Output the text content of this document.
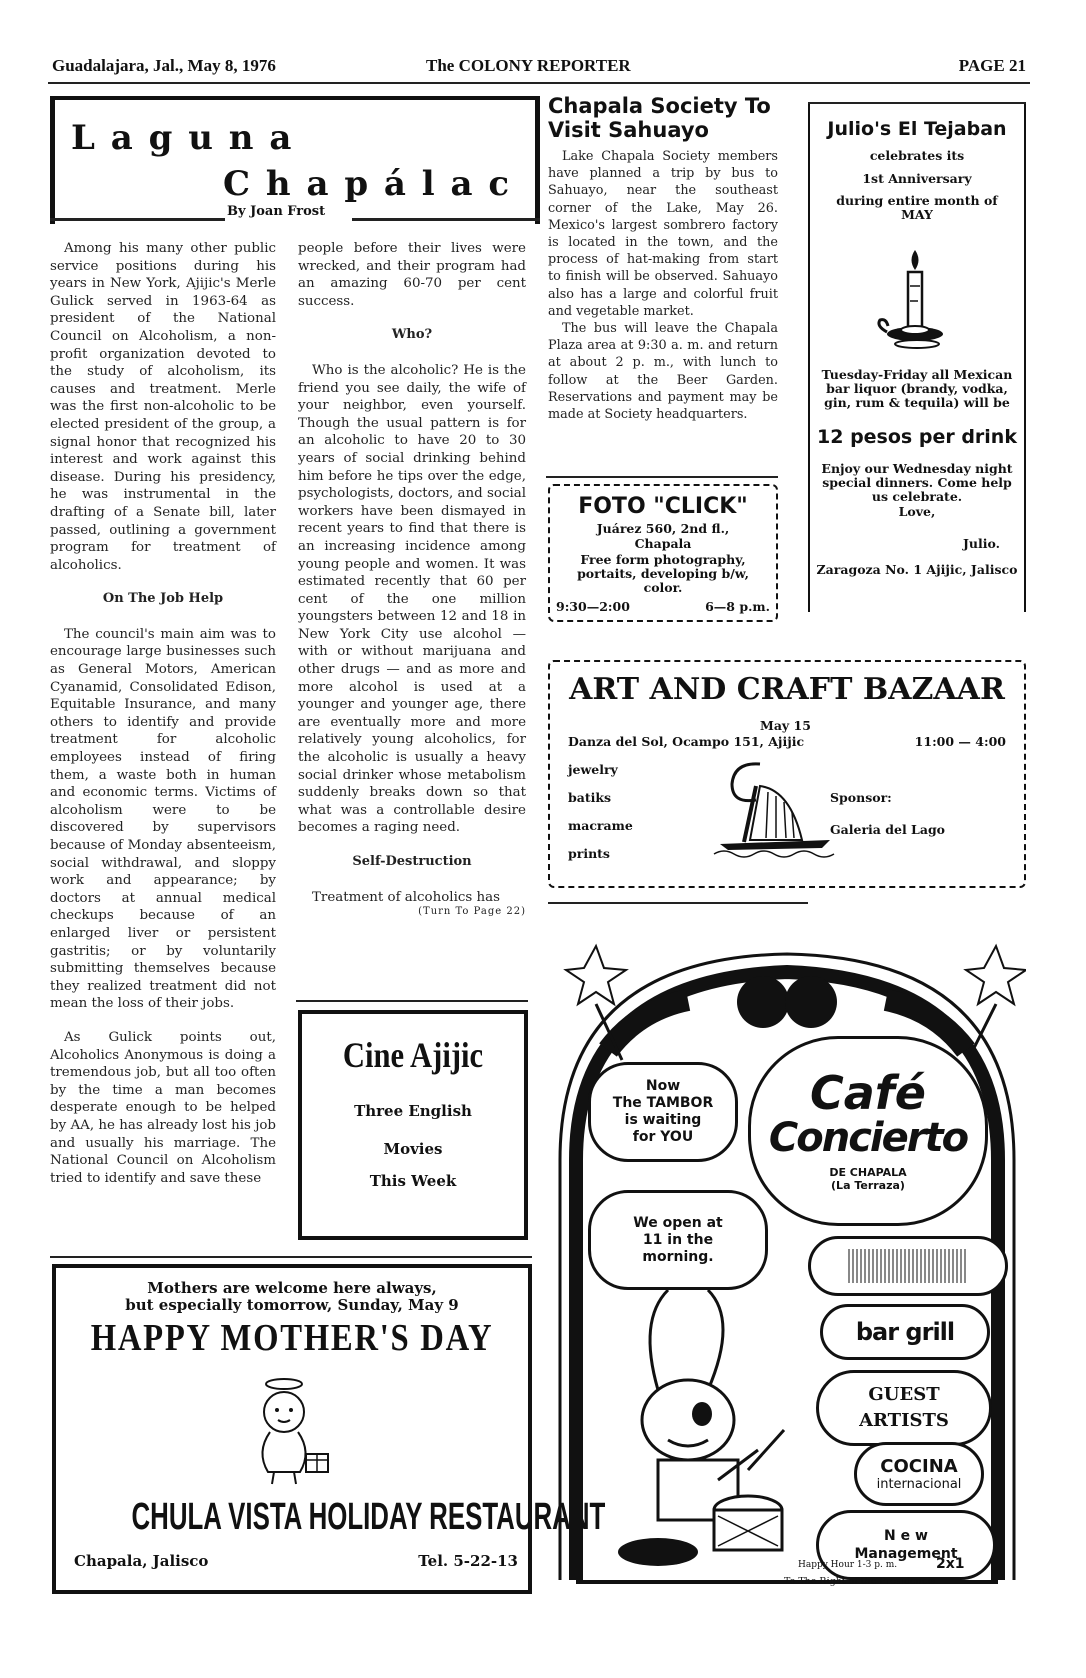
Guadalajara, Jal., May 8, 1976	The COLONY REPORTER	PAGE 21
L a g u n a
C h a p á l a c
By Joan Frost

Among his many other public service positions during his years in New York, Ajijic's Merle Gulick served in 1963-64 as president of the National Council on Alcoholism, a non-profit organization devoted to the study of alcoholism, its causes and treatment. Merle was the first non-alcoholic to be elected president of the group, a signal honor that recognized his interest and work against this disease. During his presidency, he was instrumental in the drafting of a Senate bill, later passed, outlining a government program for treatment of alcoholics.

On The Job Help

The council's main aim was to encourage large businesses such as General Motors, American Cyanamid, Consolidated Edison, Equitable Insurance, and many others to identify and provide treatment for alcoholic employees instead of firing them, a waste both in human and economic terms. Victims of alcoholism were to be discovered by supervisors because of Monday absenteeism, social withdrawal, and sloppy work and appearance; by doctors at annual medical checkups because of an enlarged liver or persistent gastritis; or by voluntarily submitting themselves because they realized treatment did not mean the loss of their jobs.

As Gulick points out, Alcoholics Anonymous is doing a tremendous job, but all too often by the time a man becomes desperate enough to be helped by AA, he has already lost his job and usually his marriage. The National Council on Alcoholism tried to identify and save these

people before their lives were wrecked, and their program had an amazing 60-70 per cent success.

Who?

Who is the alcoholic? He is the friend you see daily, the wife of your neighbor, even yourself. Though the usual pattern is for an alcoholic to have 20 to 30 years of social drinking behind him before he tips over the edge, psychologists, doctors, and social workers have been dismayed in recent years to find that there is an increasing incidence among young people and women. It was estimated recently that 60 per cent of the one million youngsters between 12 and 18 in New York City use alcohol — with or without marijuana and other drugs — and as more and more alcohol is used at a younger and younger age, there are eventually more and more relatively young alcoholics, for the alcoholic is usually a heavy social drinker whose metabolism suddenly breaks down so that what was a controllable desire becomes a raging need.

Self-Destruction

Treatment of alcoholics has

(Turn To Page 22)
Cine Ajijic
Three English
Movies
This Week
Mothers are welcome here always,
but especially tomorrow, Sunday, May 9
HAPPY MOTHER'S DAY
CHULA VISTA HOLIDAY RESTAURANT
Chapala, Jalisco	Tel. 5-22-13
Chapala Society To Visit Sahuayo

Lake Chapala Society members have planned a trip by bus to Sahuayo, near the southeast corner of the Lake, May 26. Mexico's largest sombrero factory is located in the town, and the process of hat-making from start to finish will be observed. Sahuayo also has a large and colorful fruit and vegetable market.

The bus will leave the Chapala Plaza area at 9:30 a. m. and return at about 2 p. m., with lunch to follow at the Beer Garden. Reservations and payment may be made at Society headquarters.

FOTO "CLICK"
Juárez 560, 2nd fl.,
Chapala
Free form photography, portaits, developing b/w, color.
9:30—2:00	6—8 p.m.
Julio's El Tejaban
celebrates its
1st Anniversary
during entire month of
MAY
Tuesday-Friday all Mexican bar liquor (brandy, vodka, gin, rum & tequila) will be
12 pesos per drink
Enjoy our Wednesday night special dinners. Come help us celebrate.
Love,
Julio.
Zaragoza No. 1 Ajijic, Jalisco
ART AND CRAFT BAZAAR
May 15
Danza del Sol, Ocampo 151, Ajijic	11:00 — 4:00
jewelry
batiks
macrame
prints
Sponsor:
Galeria del Lago
Now
The TAMBOR
is waiting
for YOU
Café
Concierto
DE CHAPALA
(La Terraza)
We open at
11 in the
morning.
bar grill
GUEST
ARTISTS
COCINA
internacional
N e w
Management
Happy Hour 1-3 p. m.	2x1
To The Right of the Presidencia
